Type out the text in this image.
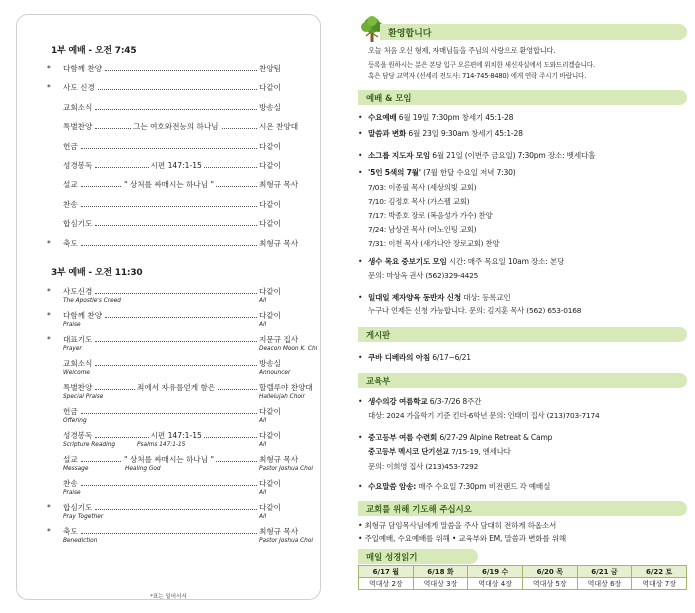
1부 예배 - 오전 7:45
*	다함께 찬양	찬양팀
*	사도 신경	다같이
교회소식	방송실
특별찬양	그는 여호와전능의 하나님	시온 찬양대
헌금	다같이
성경봉독	시편 147:1-15	다같이
설교	" 상처를 싸매시는 하나님 "	최형규 목사
찬송	다같이
합심기도	다같이
*	축도	최형규 목사
3부 예배 - 오전 11:30
*	사도신경	다같이
The Apostle's Creed	All
*	다함께 찬양	다같이
Praise	All
*	대표기도	지문규 집사
Prayer	Deacon Moon K. Chi
교회소식	방송실
Welcome	Announcer
특별찬양	죄에서 자유를얻게 함은	할렐루야 찬양대
Special Praise	Hallelujah Choir
헌금	다같이
Offering	All
성경봉독	시편 147:1-15	다같이
Scripture Reading	Psalms 147:1-15	All
설교	" 상처를 싸매시는 하나님 "	최형규 목사
Message	Healing God	Pastor Joshua Choi
찬송	다같이
Praise	All
*	합심기도	다같이
Pray Together	All
*	축도	최형규 목사
Benediction	Pastor Joshua Choi
*표는 일어서서
환영합니다
오늘 처음 오신 형제, 자매님들을 주님의 사랑으로 환영합니다.
등록을 원하시는 분은 본당 입구 오른편에 위치한 새신자실에서 도와드리겠습니다.
혹은 담당 교역자 (선세리 전도사: 714-745-8480) 에게 연락 주시기 바랍니다.
예배 & 모임
• 수요예배 6월 19일 7:30pm 창세기 45:1-28
• 말씀과 변화 6월 23일 9:30am 창세기 45:1-28
• 소그룹 지도자 모임 6월 21일 (이번주 금요일) 7:30pm 장소: 벳세다홀
• '5인 5색의 7월' (7월 한달 수요일 저녁 7:30)
7/03: 이종필 목사 (세상의빛 교회)
7/10: 김정호 목사 (가스펠 교회)
7/17: 박종호 장로 (복음성가 가수) 찬양
7/24: 남상권 목사 (어노인팅 교회)
7/31: 이천 목사 (새가나안 장로교회) 찬양
• 생수 목요 중보기도 모임 시간: 매주 목요일 10am 장소: 본당
문의: 마상옥 권사 (562)329-4425
• 일대일 제자양육 동반자 신청 대상: 등록교인
누구나 언제든 신청 가능합니다. 문의: 김지훈 목사 (562) 653-0168
게시판
• 쿠바 디베라의 아침 6/17~6/21
교육부
• 생수의강 여름학교 6/3-7/26 8주간
대상: 2024 가을학기 기준 킨더-6학년 문의: 인태미 집사 (213)703-7174
• 중고등부 여름 수련회 6/27-29 Alpine Retreat & Camp
중고등부 멕시코 단기선교 7/15-19, 엔세나다
문의: 이희영 집사 (213)453-7292
• 수요말씀 암송: 매주 수요일 7:30pm 비전랜드 각 예배실
교회를 위해 기도해 주십시오
• 최형규 담임목사님에게 말씀을 주사 담대히 전하게 하옵소서
• 주일예배, 수요예배를 위해 • 교육부와 EM, 말씀과 변화를 위해
매일 성경읽기
6/17 월	6/18 화	6/19 수	6/20 목	6/21 금	6/22 토
역대상 2장	역대상 3장	역대상 4장	역대상 5장	역대상 6장	역대상 7장
